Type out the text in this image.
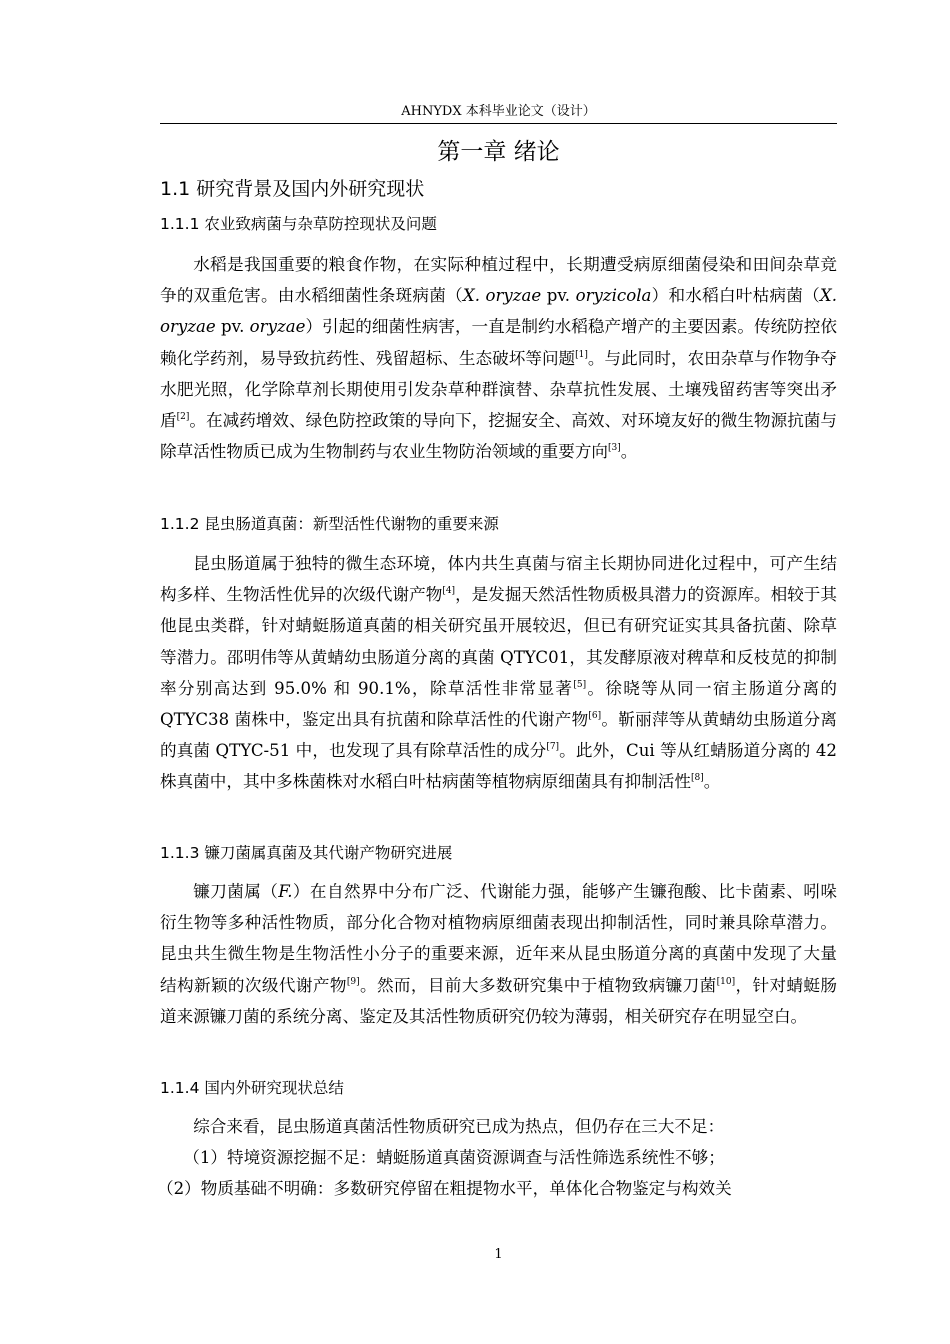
AHNYDX 本科毕业论文（设计）
第一章 绪论
1.1 研究背景及国内外研究现状
1.1.1 农业致病菌与杂草防控现状及问题

水稻是我国重要的粮食作物，在实际种植过程中，长期遭受病原细菌侵染和田间杂草竞争的双重危害。由水稻细菌性条斑病菌（X. oryzae pv. oryzicola）和水稻白叶枯病菌（X. oryzae pv. oryzae）引起的细菌性病害，一直是制约水稻稳产增产的主要因素。传统防控依赖化学药剂，易导致抗药性、残留超标、生态破坏等问题[1]。与此同时，农田杂草与作物争夺水肥光照，化学除草剂长期使用引发杂草种群演替、杂草抗性发展、土壤残留药害等突出矛盾[2]。在减药增效、绿色防控政策的导向下，挖掘安全、高效、对环境友好的微生物源抗菌与除草活性物质已成为生物制药与农业生物防治领域的重要方向[3]。

1.1.2 昆虫肠道真菌：新型活性代谢物的重要来源

昆虫肠道属于独特的微生态环境，体内共生真菌与宿主长期协同进化过程中，可产生结构多样、生物活性优异的次级代谢产物[4]，是发掘天然活性物质极具潜力的资源库。相较于其他昆虫类群，针对蜻蜓肠道真菌的相关研究虽开展较迟，但已有研究证实其具备抗菌、除草等潜力。邵明伟等从黄蜻幼虫肠道分离的真菌 QTYC01，其发酵原液对稗草和反枝苋的抑制率分别高达到 95.0% 和 90.1%，除草活性非常显著[5]。徐晓等从同一宿主肠道分离的 QTYC38 菌株中，鉴定出具有抗菌和除草活性的代谢产物[6]。靳丽萍等从黄蜻幼虫肠道分离的真菌 QTYC-51 中，也发现了具有除草活性的成分[7]。此外，Cui 等从红蜻肠道分离的 42 株真菌中，其中多株菌株对水稻白叶枯病菌等植物病原细菌具有抑制活性[8]。

1.1.3 镰刀菌属真菌及其代谢产物研究进展

镰刀菌属（F.）在自然界中分布广泛、代谢能力强，能够产生镰孢酸、比卡菌素、吲哚衍生物等多种活性物质，部分化合物对植物病原细菌表现出抑制活性，同时兼具除草潜力。昆虫共生微生物是生物活性小分子的重要来源，近年来从昆虫肠道分离的真菌中发现了大量结构新颖的次级代谢产物[9]。然而，目前大多数研究集中于植物致病镰刀菌[10]，针对蜻蜓肠道来源镰刀菌的系统分离、鉴定及其活性物质研究仍较为薄弱，相关研究存在明显空白。

1.1.4 国内外研究现状总结

综合来看，昆虫肠道真菌活性物质研究已成为热点，但仍存在三大不足：

（1）特境资源挖掘不足：蜻蜓肠道真菌资源调查与活性筛选系统性不够；

（2）物质基础不明确：多数研究停留在粗提物水平，单体化合物鉴定与构效关

1
